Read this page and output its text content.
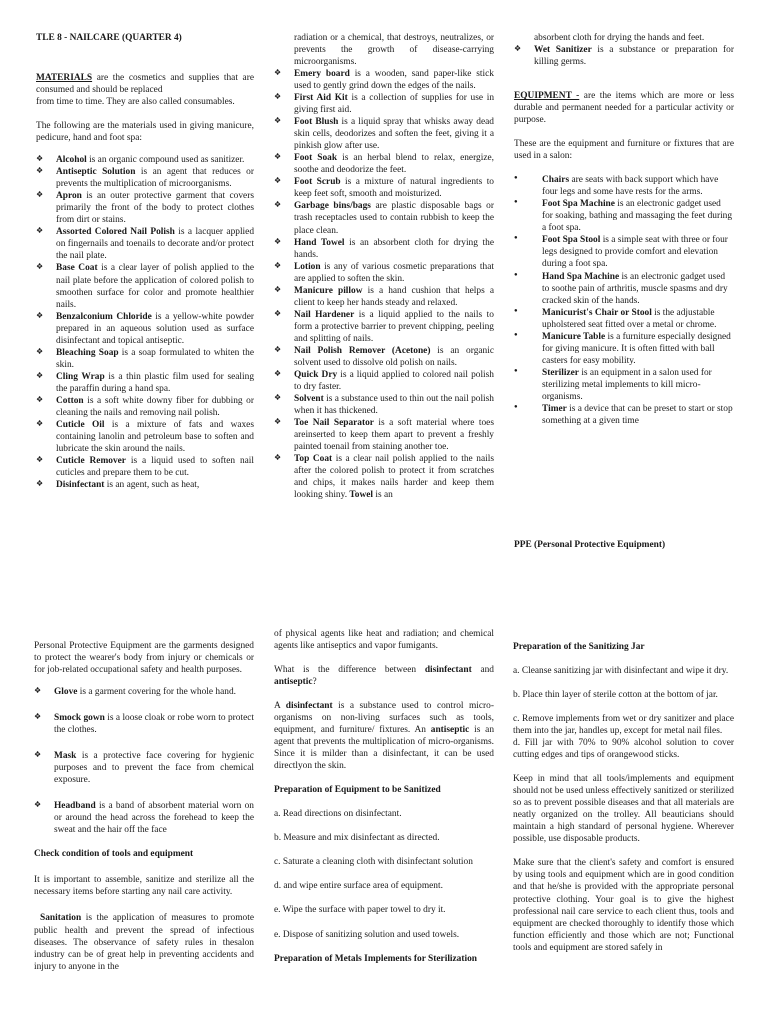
TLE 8 - NAILCARE (QUARTER 4)

MATERIALS are the cosmetics and supplies that are consumed and should be replaced

from time to time. They are also called consumables.

The following are the materials used in giving manicure, pedicure, hand and foot spa:

❖ Alcohol is an organic compound used as sanitizer.
❖ Antiseptic Solution is an agent that reduces or prevents the multiplication of microorganisms.
❖ Apron is an outer protective garment that covers primarily the front of the body to protect clothes from dirt or stains.
❖ Assorted Colored Nail Polish is a lacquer applied on fingernails and toenails to decorate and/or protect the nail plate.
❖ Base Coat is a clear layer of polish applied to the nail plate before the application of colored polish to smoothen surface for color and promote healthier nails.
❖ Benzalconium Chloride is a yellow-white powder prepared in an aqueous solution used as surface disinfectant and topical antiseptic.
❖ Bleaching Soap is a soap formulated to whiten the skin.
❖ Cling Wrap is a thin plastic film used for sealing the paraffin during a hand spa.
❖ Cotton is a soft white downy fiber for dubbing or cleaning the nails and removing nail polish.
❖ Cuticle Oil is a mixture of fats and waxes containing lanolin and petroleum base to soften and lubricate the skin around the nails.
❖ Cuticle Remover is a liquid used to soften nail cuticles and prepare them to be cut.
❖ Disinfectant is an agent, such as heat,

radiation or a chemical, that destroys, neutralizes, or prevents the growth of disease-carrying microorganisms.

❖ Emery board is a wooden, sand paper-like stick used to gently grind down the edges of the nails.
❖ First Aid Kit is a collection of supplies for use in giving first aid.
❖ Foot Blush is a liquid spray that whisks away dead skin cells, deodorizes and soften the feet, giving it a pinkish glow after use.
❖ Foot Soak is an herbal blend to relax, energize, soothe and deodorize the feet.
❖ Foot Scrub is a mixture of natural ingredients to keep feet soft, smooth and moisturized.
❖ Garbage bins/bags are plastic disposable bags or trash receptacles used to contain rubbish to keep the place clean.
❖ Hand Towel is an absorbent cloth for drying the hands.
❖ Lotion is any of various cosmetic preparations that are applied to soften the skin.
❖ Manicure pillow is a hand cushion that helps a client to keep her hands steady and relaxed.
❖ Nail Hardener is a liquid applied to the nails to form a protective barrier to prevent chipping, peeling and splitting of nails.
❖ Nail Polish Remover (Acetone) is an organic solvent used to dissolve old polish on nails.
❖ Quick Dry is a liquid applied to colored nail polish to dry faster.
❖ Solvent is a substance used to thin out the nail polish when it has thickened.
❖ Toe Nail Separator is a soft material where toes areinserted to keep them apart to prevent a freshly painted toenail from staining another toe.
❖ Top Coat is a clear nail polish applied to the nails after the colored polish to protect it from scratches and chips, it makes nails harder and keep them looking shiny. Towel is an

absorbent cloth for drying the hands and feet.

❖ Wet Sanitizer is a substance or preparation for killing germs.

EQUIPMENT - are the items which are more or less durable and permanent needed for a particular activity or purpose.

These are the equipment and furniture or fixtures that are used in a salon:

● Chairs are seats with back support which have four legs and some have rests for the arms.
● Foot Spa Machine is an electronic gadget used for soaking, bathing and massaging the feet during a foot spa.
● Foot Spa Stool is a simple seat with three or four legs designed to provide comfort and elevation during a foot spa.
● Hand Spa Machine is an electronic gadget used to soothe pain of arthritis, muscle spasms and dry cracked skin of the hands.
● Manicurist's Chair or Stool is the adjustable upholstered seat fitted over a metal or chrome.
● Manicure Table is a furniture especially designed for giving manicure. It is often fitted with ball casters for easy mobility.
● Sterilizer is an equipment in a salon used for sterilizing metal implements to kill micro-organisms.
● Timer is a device that can be preset to start or stop something at a given time
PPE (Personal Protective Equipment)

Personal Protective Equipment are the garments designed to protect the wearer's body from injury or chemicals or for job-related occupational safety and health purposes.

❖ Glove is a garment covering for the whole hand.
❖ Smock gown is a loose cloak or robe worn to protect the clothes.
❖ Mask is a protective face covering for hygienic purposes and to prevent the face from chemical exposure.
❖ Headband is a band of absorbent material worn on or around the head across the forehead to keep the sweat and the hair off the face

Check condition of tools and equipment

It is important to assemble, sanitize and sterilize all the necessary items before starting any nail care activity.

Sanitation is the application of measures to promote public health and prevent the spread of infectious diseases. The observance of safety rules in thesalon industry can be of great help in preventing accidents and injury to anyone in the

of physical agents like heat and radiation; and chemical agents like antiseptics and vapor fumigants.

What is the difference between disinfectant and antiseptic?

A disinfectant is a substance used to control micro-organisms on non-living surfaces such as tools, equipment, and furniture/ fixtures. An antiseptic is an agent that prevents the multiplication of micro-organisms. Since it is milder than a disinfectant, it can be used directlyon the skin.

Preparation of Equipment to be Sanitized

a. Read directions on disinfectant.

b. Measure and mix disinfectant as directed.

c. Saturate a cleaning cloth with disinfectant solution

d. and wipe entire surface area of equipment.

e. Wipe the surface with paper towel to dry it.

e. Dispose of sanitizing solution and used towels.

Preparation of Metals Implements for Sterilization

Preparation of the Sanitizing Jar

a. Cleanse sanitizing jar with disinfectant and wipe it dry.

b. Place thin layer of sterile cotton at the bottom of jar.

c. Remove implements from wet or dry sanitizer and place them into the jar, handles up, except for metal nail files.

d. Fill jar with 70% to 90% alcohol solution to cover cutting edges and tips of orangewood sticks.

Keep in mind that all tools/implements and equipment should not be used unless effectively sanitized or sterilized so as to prevent possible diseases and that all materials are neatly organized on the trolley. All beauticians should maintain a high standard of personal hygiene. Wherever possible, use disposable products.

Make sure that the client's safety and comfort is ensured by using tools and equipment which are in good condition and that he/she is provided with the appropriate personal protective clothing. Your goal is to give the highest professional nail care service to each client thus, tools and equipment are checked thoroughly to identify those which function efficiently and those which are not; Functional tools and equipment are stored safely in
